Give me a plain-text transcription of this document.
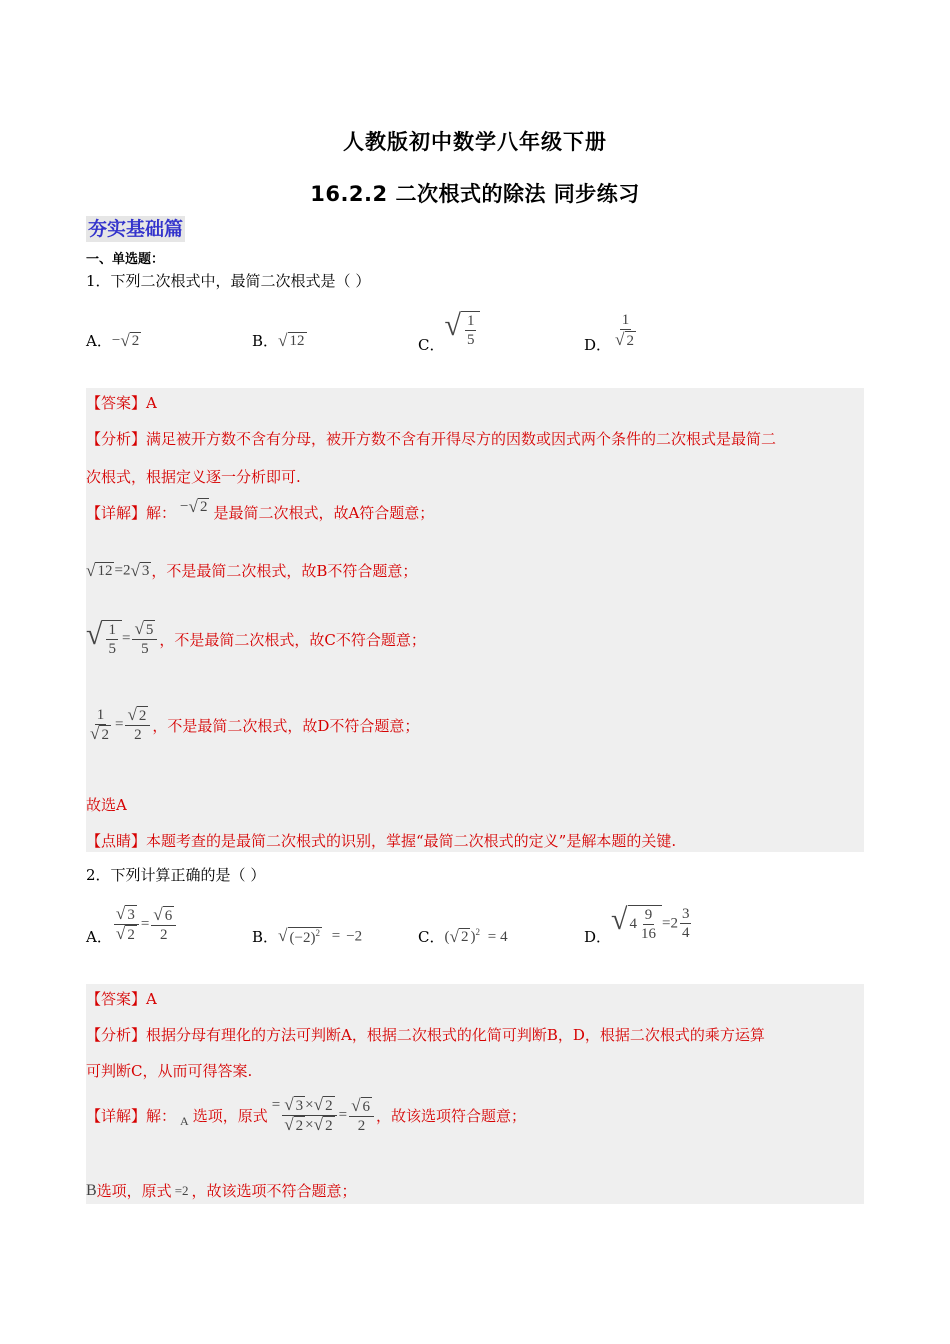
人教版初中数学八年级下册
16.2.2 二次根式的除法 同步练习
夯实基础篇
一、单选题：
1．下列二次根式中，最简二次根式是（ ）
A． − √ 2	B． √ 12	C．
√ $\frac{1}{5}$	D． $\frac{1}{√ 2}$
【答案】 A
【分析】 满足被开方数不含有分母，被开方数不含有开得尽方的因数或因式两个条件的二次根式是最简二
次根式，根据定义逐一分析即可.
【详解】 解： − √ 2 是最简二次根式，故A符合题意；
√ 12 =2 √ 3 ，不是最简二次根式，故B不符合题意；
√ $\frac{1}{5} = \frac{√ 5}{5}$ ，不是最简二次根式，故C不符合题意；
$\frac{1}{√ 2} = \frac{√ 2}{2}$ ，不是最简二次根式，故D不符合题意；
故选A
【点睛】 本题考查的是最简二次根式的识别，掌握“最简二次根式的定义”是解本题的关键.
2．下列计算正确的是（ ）
A． $\frac{√ 3}{√ 2} = \frac{√ 6}{2}$	B． √ $(-2)^2 = -2$	C． ( √ 2 )$^2$ = 4	D．
√ $4 \frac{9}{16} =2 \frac{3}{4}$
【答案】 A
【分析】 根据分母有理化的方法可判断A，根据二次根式的化简可判断B，D，根据二次根式的乘方运算
可判断C，从而可得答案.
【详解】 解： A 选项，原式
= $\frac{√ 3 \times √ 2}{√ 2 \times √ 2} = \frac{√ 6}{2}$ ，故该选项符合题意；
B 选项，原式 =2 ，故该选项不符合题意；
